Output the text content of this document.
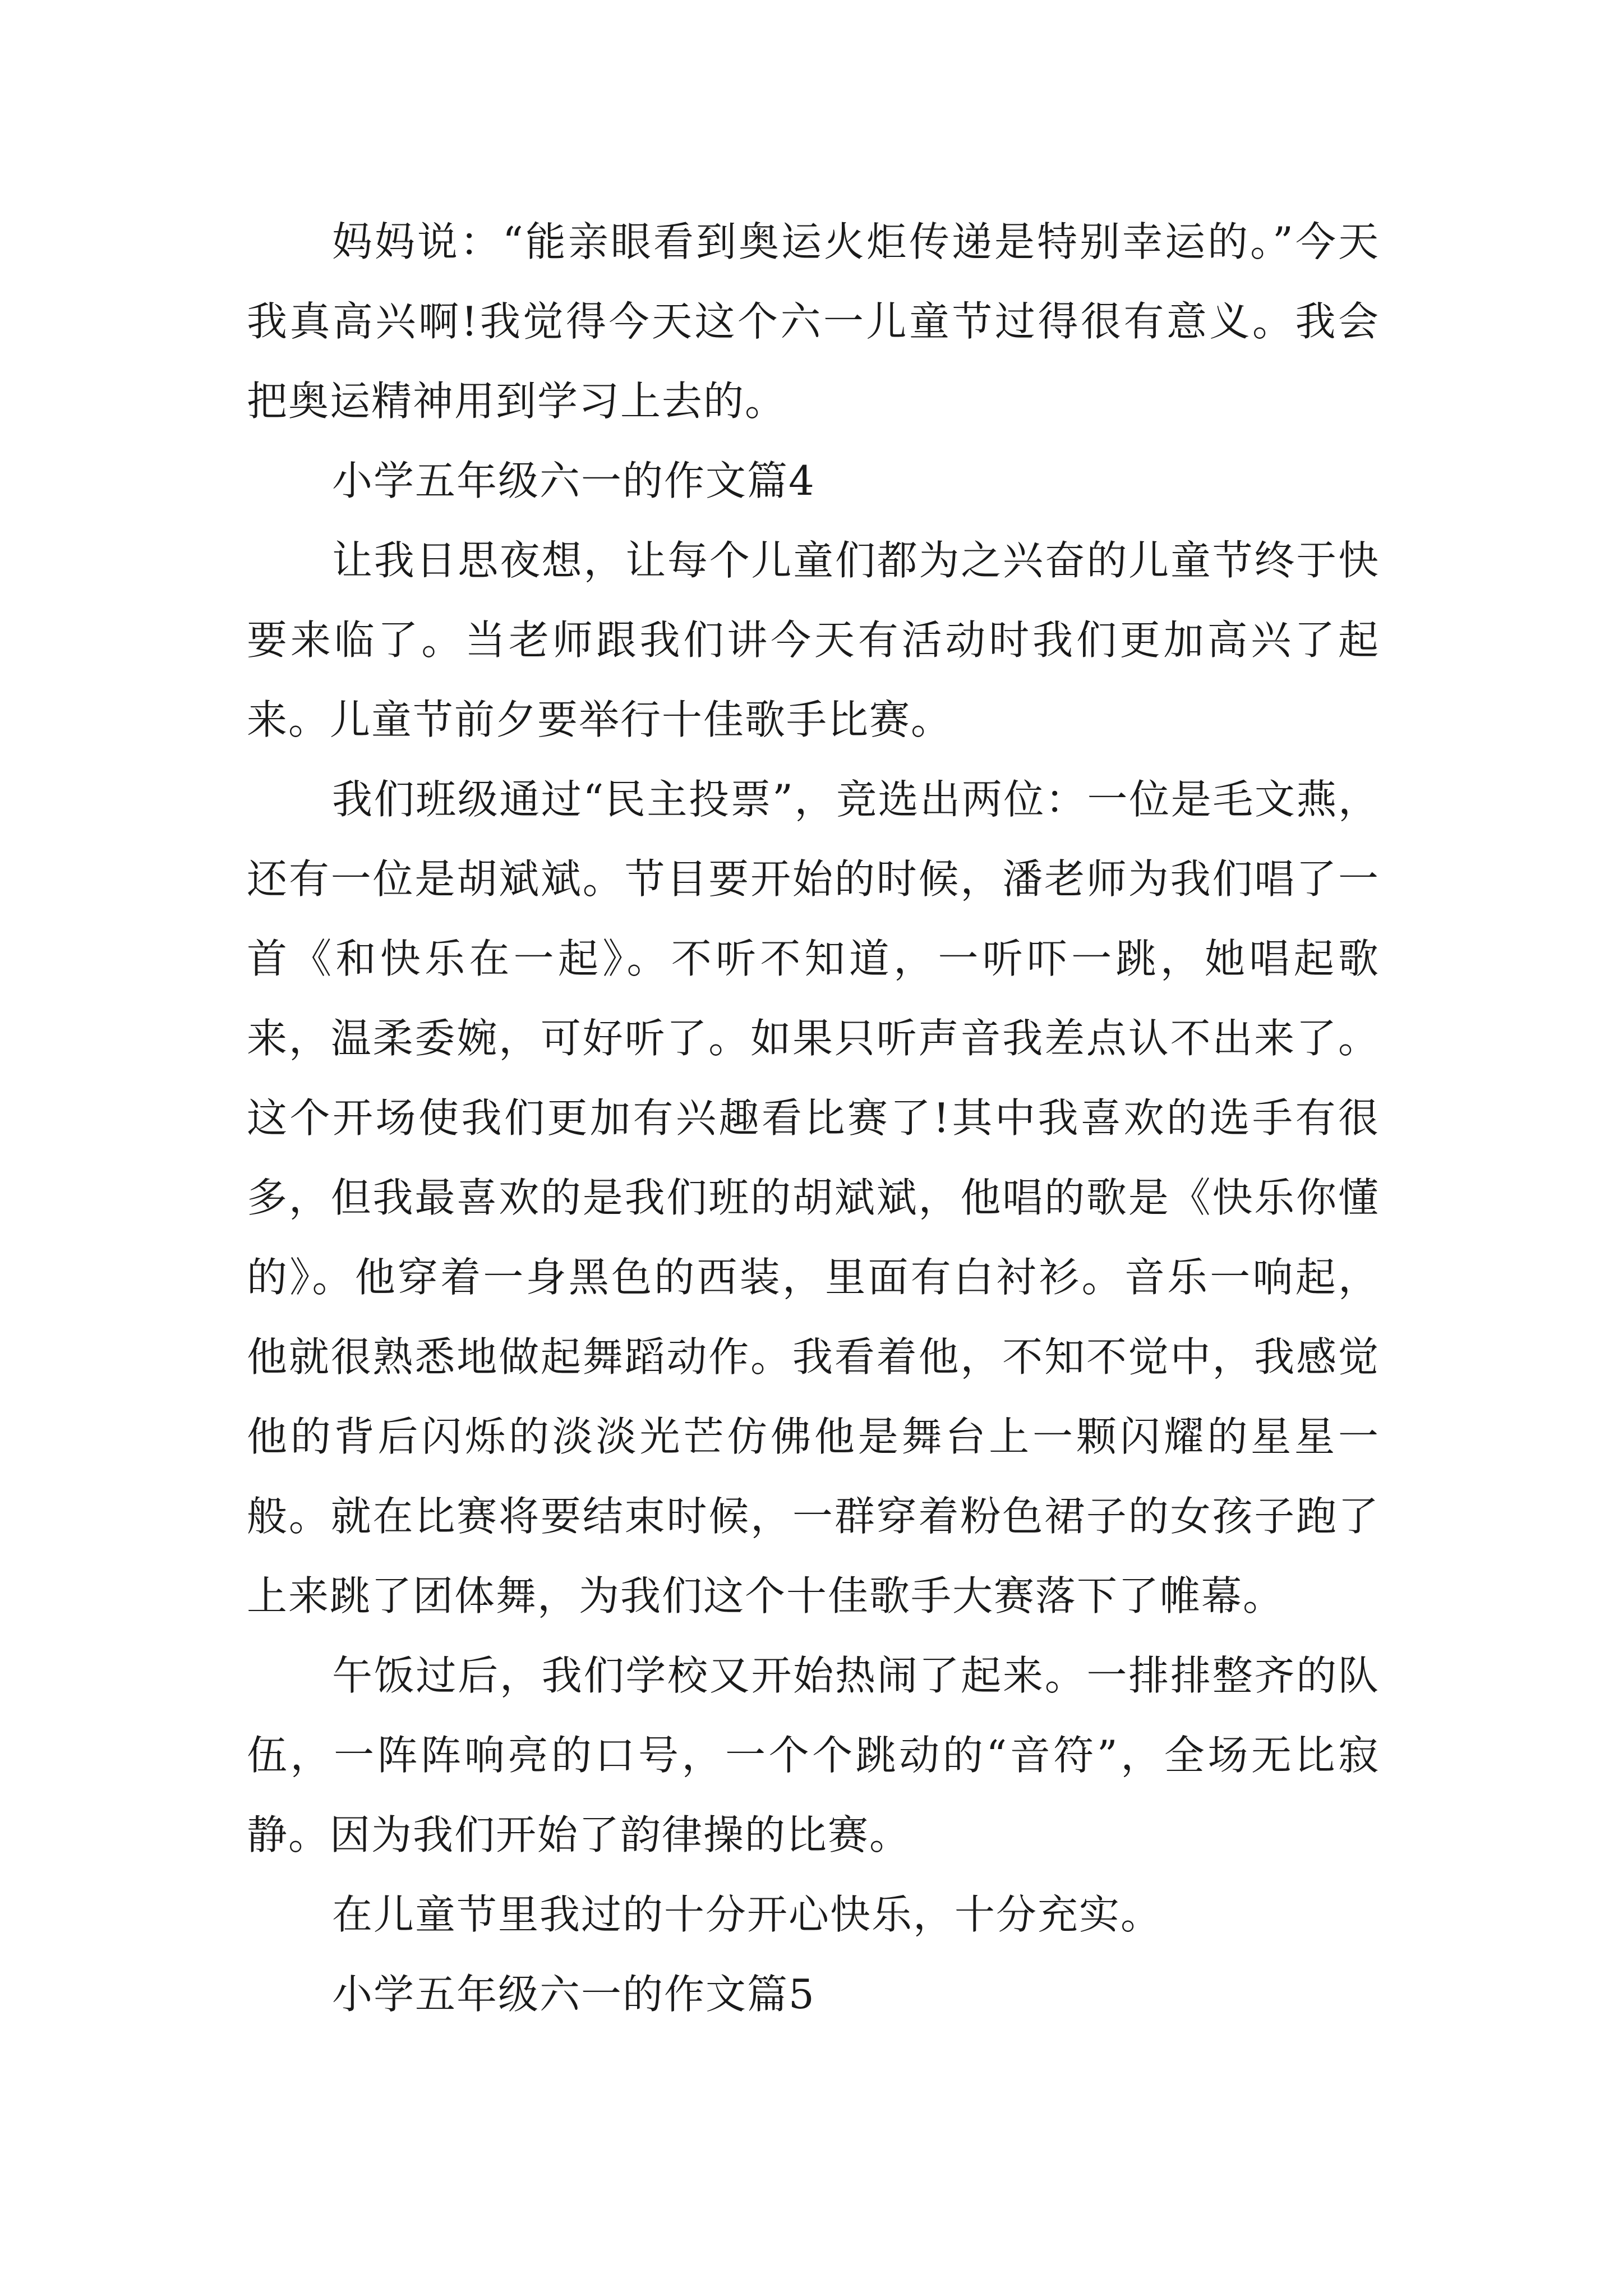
妈妈说：“能亲眼看到奥运火炬传递是特别幸运的。”今天我真高兴啊!我觉得今天这个六一儿童节过得很有意义。我会把奥运精神用到学习上去的。

小学五年级六一的作文篇4

让我日思夜想，让每个儿童们都为之兴奋的儿童节终于快要来临了。当老师跟我们讲今天有活动时我们更加高兴了起来。儿童节前夕要举行十佳歌手比赛。

我们班级通过“民主投票”，竞选出两位：一位是毛文燕，还有一位是胡斌斌。节目要开始的时候，潘老师为我们唱了一首《和快乐在一起》。不听不知道，一听吓一跳，她唱起歌来，温柔委婉，可好听了。如果只听声音我差点认不出来了。这个开场使我们更加有兴趣看比赛了!其中我喜欢的选手有很多，但我最喜欢的是我们班的胡斌斌，他唱的歌是《快乐你懂的》。他穿着一身黑色的西装，里面有白衬衫。音乐一响起，他就很熟悉地做起舞蹈动作。我看着他，不知不觉中，我感觉他的背后闪烁的淡淡光芒仿佛他是舞台上一颗闪耀的星星一般。就在比赛将要结束时候，一群穿着粉色裙子的女孩子跑了上来跳了团体舞，为我们这个十佳歌手大赛落下了帷幕。

午饭过后，我们学校又开始热闹了起来。一排排整齐的队伍，一阵阵响亮的口号，一个个跳动的“音符”，全场无比寂静。因为我们开始了韵律操的比赛。

在儿童节里我过的十分开心快乐，十分充实。

小学五年级六一的作文篇5
